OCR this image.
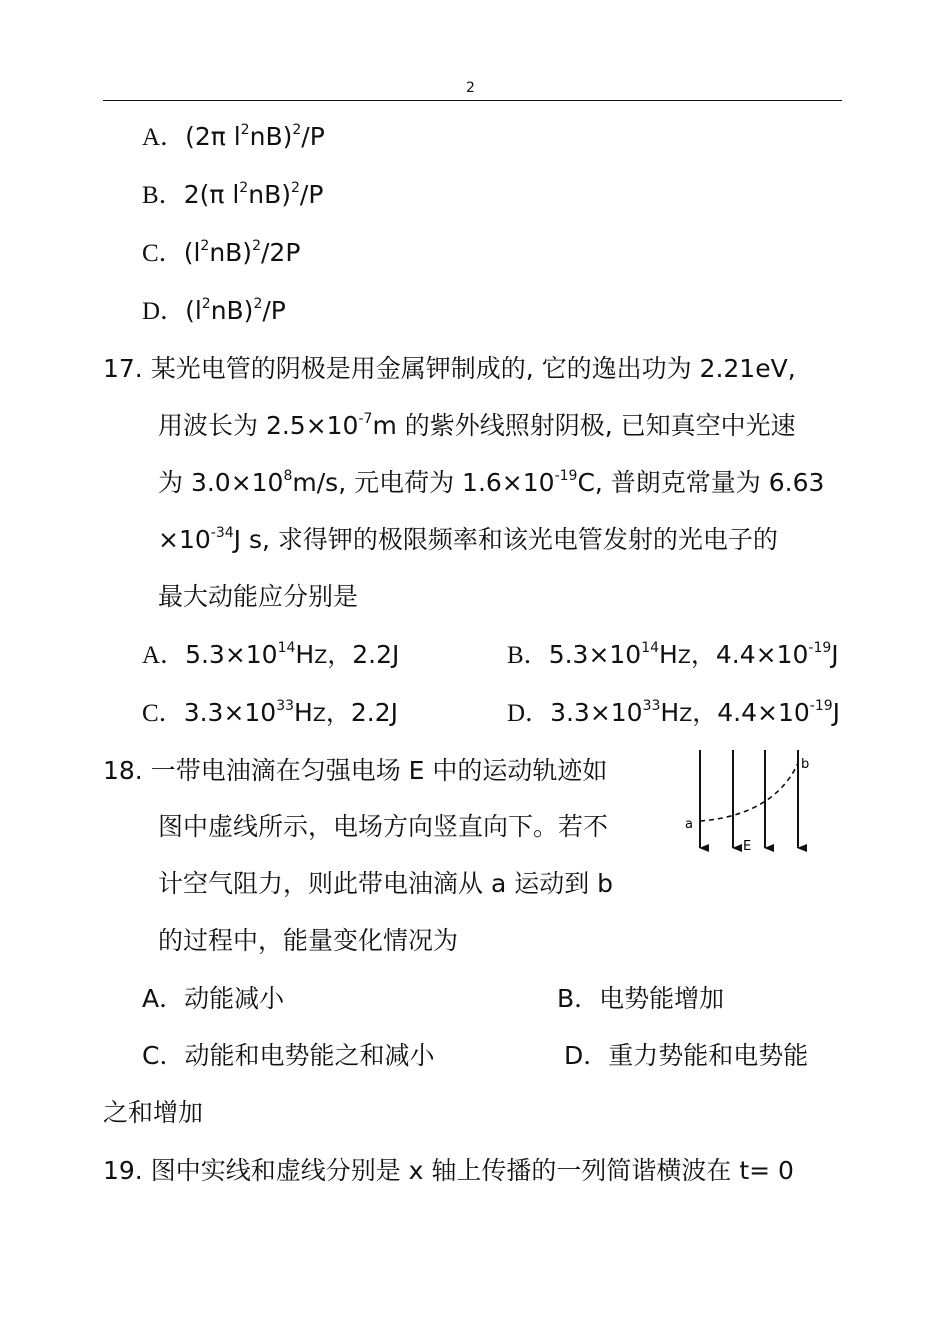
2
A．(2π $l^2nB)^2/P$
B．2(π $l^2nB)^2/P$
C．$(l^2nB)^2/2P$
D．$(l^2nB)^2/P$
17. 某光电管的阴极是用金属钾制成的, 它的逸出功为 2.21eV,
用波长为 $2.5\times 10^{-7}m$ 的紫外线照射阴极, 已知真空中光速
为 $3.0\times 10^8m/s$, 元电荷为 $1.6\times 10^{-19}C$, 普朗克常量为 6.63
$\times 10^{-34}J$ s, 求得钾的极限频率和该光电管发射的光电子的
最大动能应分别是
A．$5.3\times 10^{14}HZ$，2.2J	B．$5.3\times 10^{14}HZ$，$4.4\times 10^{-19}J$
C．$3.3\times 10^{33}HZ$，2.2J	D．$3.3\times 10^{33}HZ$，$4.4\times 10^{-19}J$
18. 一带电油滴在匀强电场 E 中的运动轨迹如
图中虚线所示，电场方向竖直向下。若不
计空气阻力，则此带电油滴从 a 运动到 b
的过程中，能量变化情况为
a
b
E
A．动能减小	B．电势能增加
C．动能和电势能之和减小	D．重力势能和电势能
之和增加
19. 图中实线和虚线分别是 x 轴上传播的一列简谐横波在 t= 0
